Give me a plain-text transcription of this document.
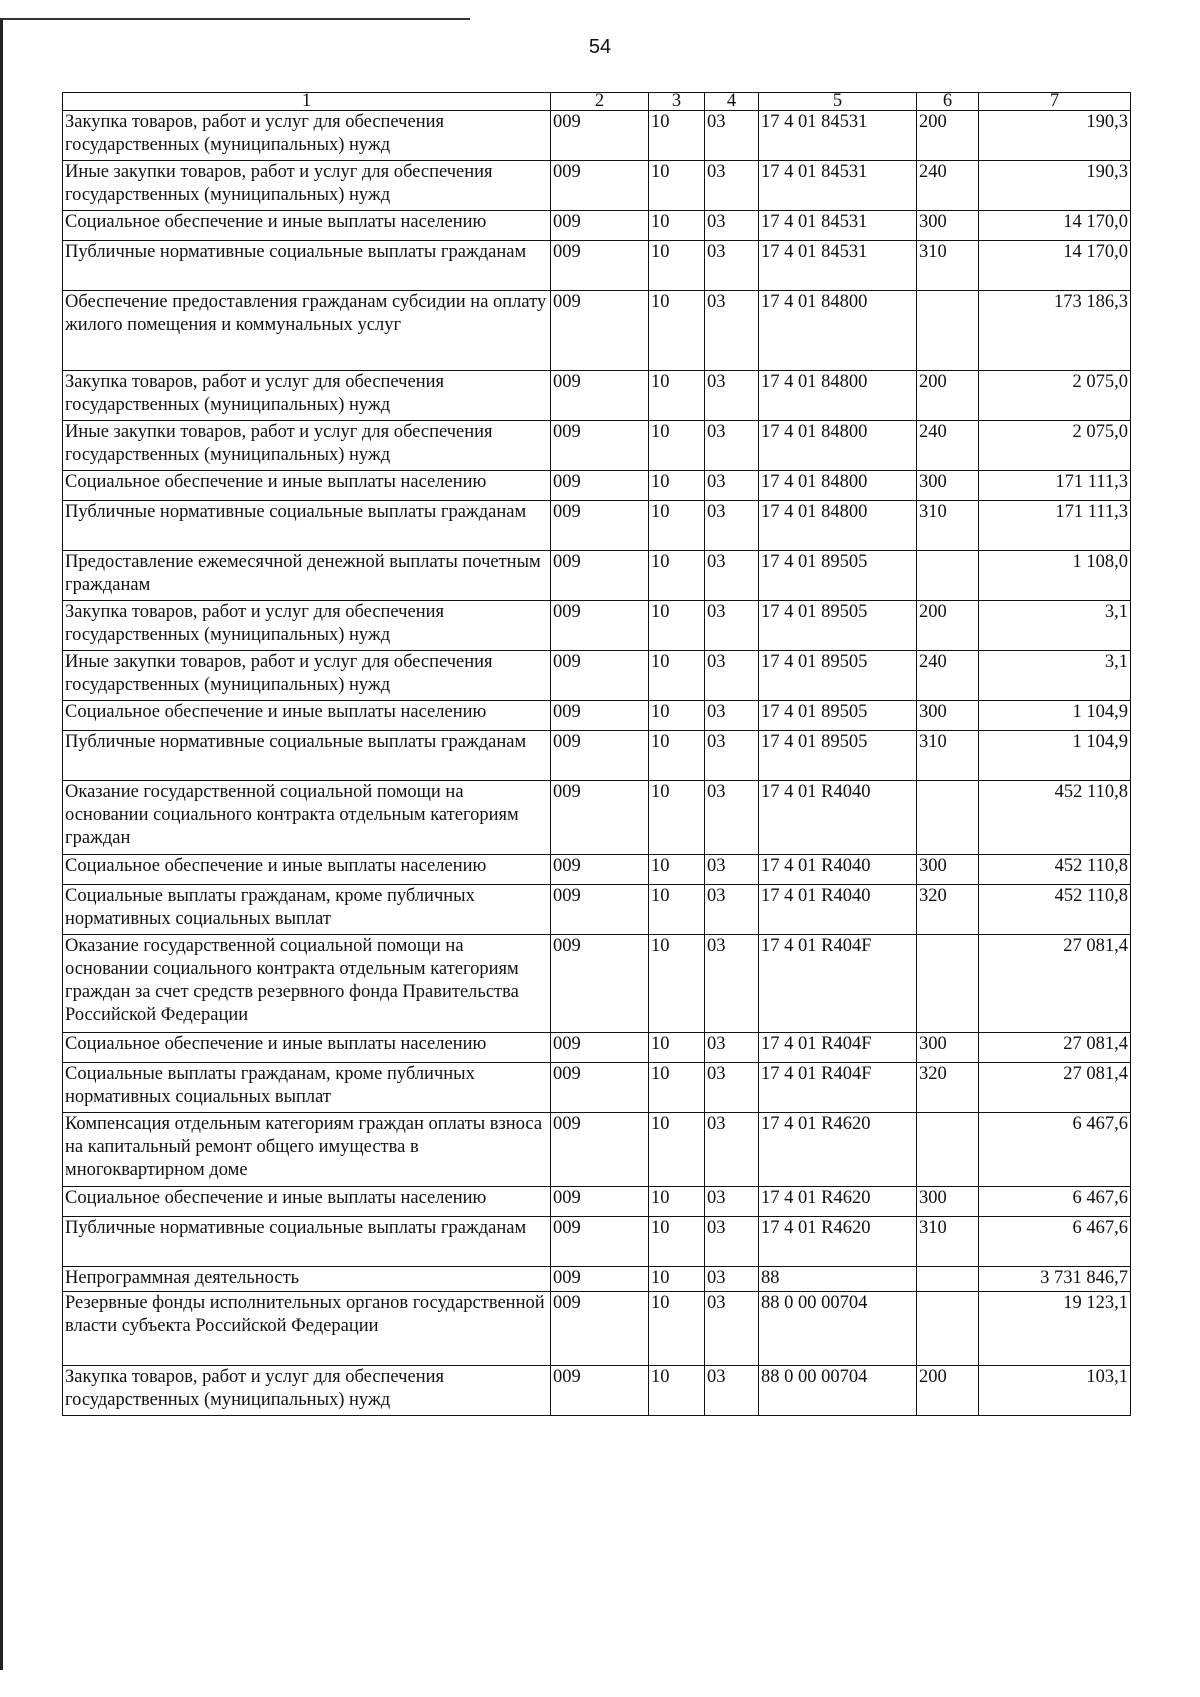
54
1	2	3	4	5	6	7
Закупка товаров, работ и услуг для обеспечения государственных (муниципальных) нужд	009	10	03	17 4 01 84531	200	190,3
Иные закупки товаров, работ и услуг для обеспечения государственных (муниципальных) нужд	009	10	03	17 4 01 84531	240	190,3
Социальное обеспечение и иные выплаты населению	009	10	03	17 4 01 84531	300	14 170,0
Публичные нормативные социальные выплаты гражданам	009	10	03	17 4 01 84531	310	14 170,0
Обеспечение предоставления гражданам субсидии на оплату жилого помещения и коммунальных услуг	009	10	03	17 4 01 84800		173 186,3
Закупка товаров, работ и услуг для обеспечения государственных (муниципальных) нужд	009	10	03	17 4 01 84800	200	2 075,0
Иные закупки товаров, работ и услуг для обеспечения государственных (муниципальных) нужд	009	10	03	17 4 01 84800	240	2 075,0
Социальное обеспечение и иные выплаты населению	009	10	03	17 4 01 84800	300	171 111,3
Публичные нормативные социальные выплаты гражданам	009	10	03	17 4 01 84800	310	171 111,3
Предоставление ежемесячной денежной выплаты почетным гражданам	009	10	03	17 4 01 89505		1 108,0
Закупка товаров, работ и услуг для обеспечения государственных (муниципальных) нужд	009	10	03	17 4 01 89505	200	3,1
Иные закупки товаров, работ и услуг для обеспечения государственных (муниципальных) нужд	009	10	03	17 4 01 89505	240	3,1
Социальное обеспечение и иные выплаты населению	009	10	03	17 4 01 89505	300	1 104,9
Публичные нормативные социальные выплаты гражданам	009	10	03	17 4 01 89505	310	1 104,9
Оказание государственной социальной помощи на основании социального контракта отдельным категориям граждан	009	10	03	17 4 01 R4040		452 110,8
Социальное обеспечение и иные выплаты населению	009	10	03	17 4 01 R4040	300	452 110,8
Социальные выплаты гражданам, кроме публичных нормативных социальных выплат	009	10	03	17 4 01 R4040	320	452 110,8
Оказание государственной социальной помощи на основании социального контракта отдельным категориям граждан за счет средств резервного фонда Правительства Российской Федерации	009	10	03	17 4 01 R404F		27 081,4
Социальное обеспечение и иные выплаты населению	009	10	03	17 4 01 R404F	300	27 081,4
Социальные выплаты гражданам, кроме публичных нормативных социальных выплат	009	10	03	17 4 01 R404F	320	27 081,4
Компенсация отдельным категориям граждан оплаты взноса на капитальный ремонт общего имущества в многоквартирном доме	009	10	03	17 4 01 R4620		6 467,6
Социальное обеспечение и иные выплаты населению	009	10	03	17 4 01 R4620	300	6 467,6
Публичные нормативные социальные выплаты гражданам	009	10	03	17 4 01 R4620	310	6 467,6
Непрограммная деятельность	009	10	03	88		3 731 846,7
Резервные фонды исполнительных органов государственной власти субъекта Российской Федерации	009	10	03	88 0 00 00704		19 123,1
Закупка товаров, работ и услуг для обеспечения государственных (муниципальных) нужд	009	10	03	88 0 00 00704	200	103,1
